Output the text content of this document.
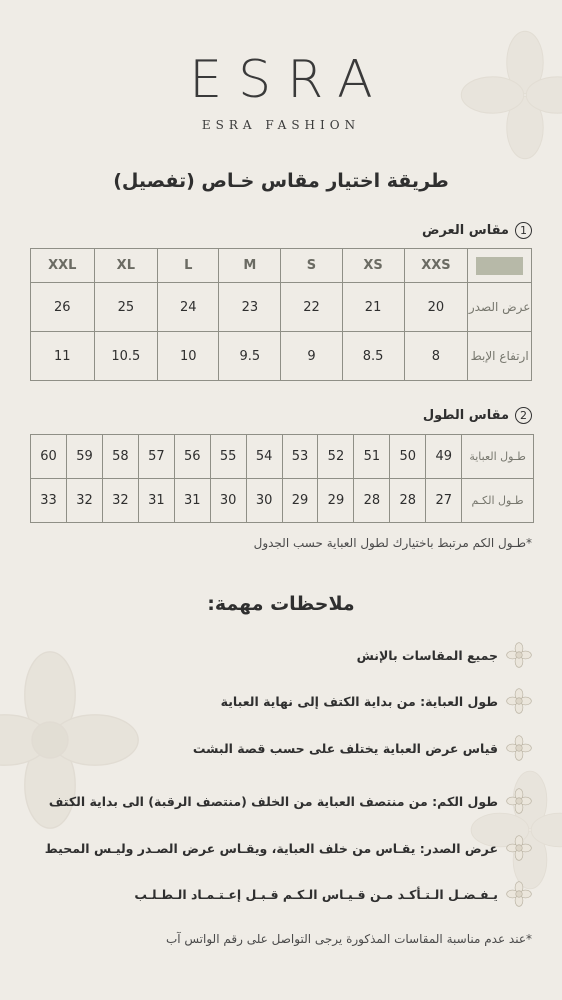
ESRA
ESRA FASHION
طريقة اختيار مقاس خـاص (تفصيل)
1
مقاس العرض
	XXS	XS	S	M	L	XL	XXL
عرض الصدر	20	21	22	23	24	25	26
ارتفاع الإبط	8	8.5	9	9.5	10	10.5	11
2
مقاس الطول
طـول العباية	49	50	51	52	53	54	55	56	57	58	59	60
طـول الكـم	27	28	28	29	29	30	30	31	31	32	32	33
*طـول الكم مرتبط باختيارك لطول العباية حسب الجدول
ملاحظات مهمة:
جميع المقاسات بالإنش
طول العباية: من بداية الكتف إلى نهاية العباية
قياس عرض العباية يختلف على حسب قصة البشت
طول الكم: من منتصف العباية من الخلف (منتصف الرقبة) الى بداية الكتف
عرض الصدر: يقـاس من خلف العباية، ويقـاس عرض الصـدر وليـس المحيط
يـفـضـل الـتـأكـد مـن قـيـاس الـكـم قـبـل إعـتـمـاد الـطـلـب
*عند عدم مناسبة المقاسات المذكورة يرجى التواصل على رقم الواتس آب
